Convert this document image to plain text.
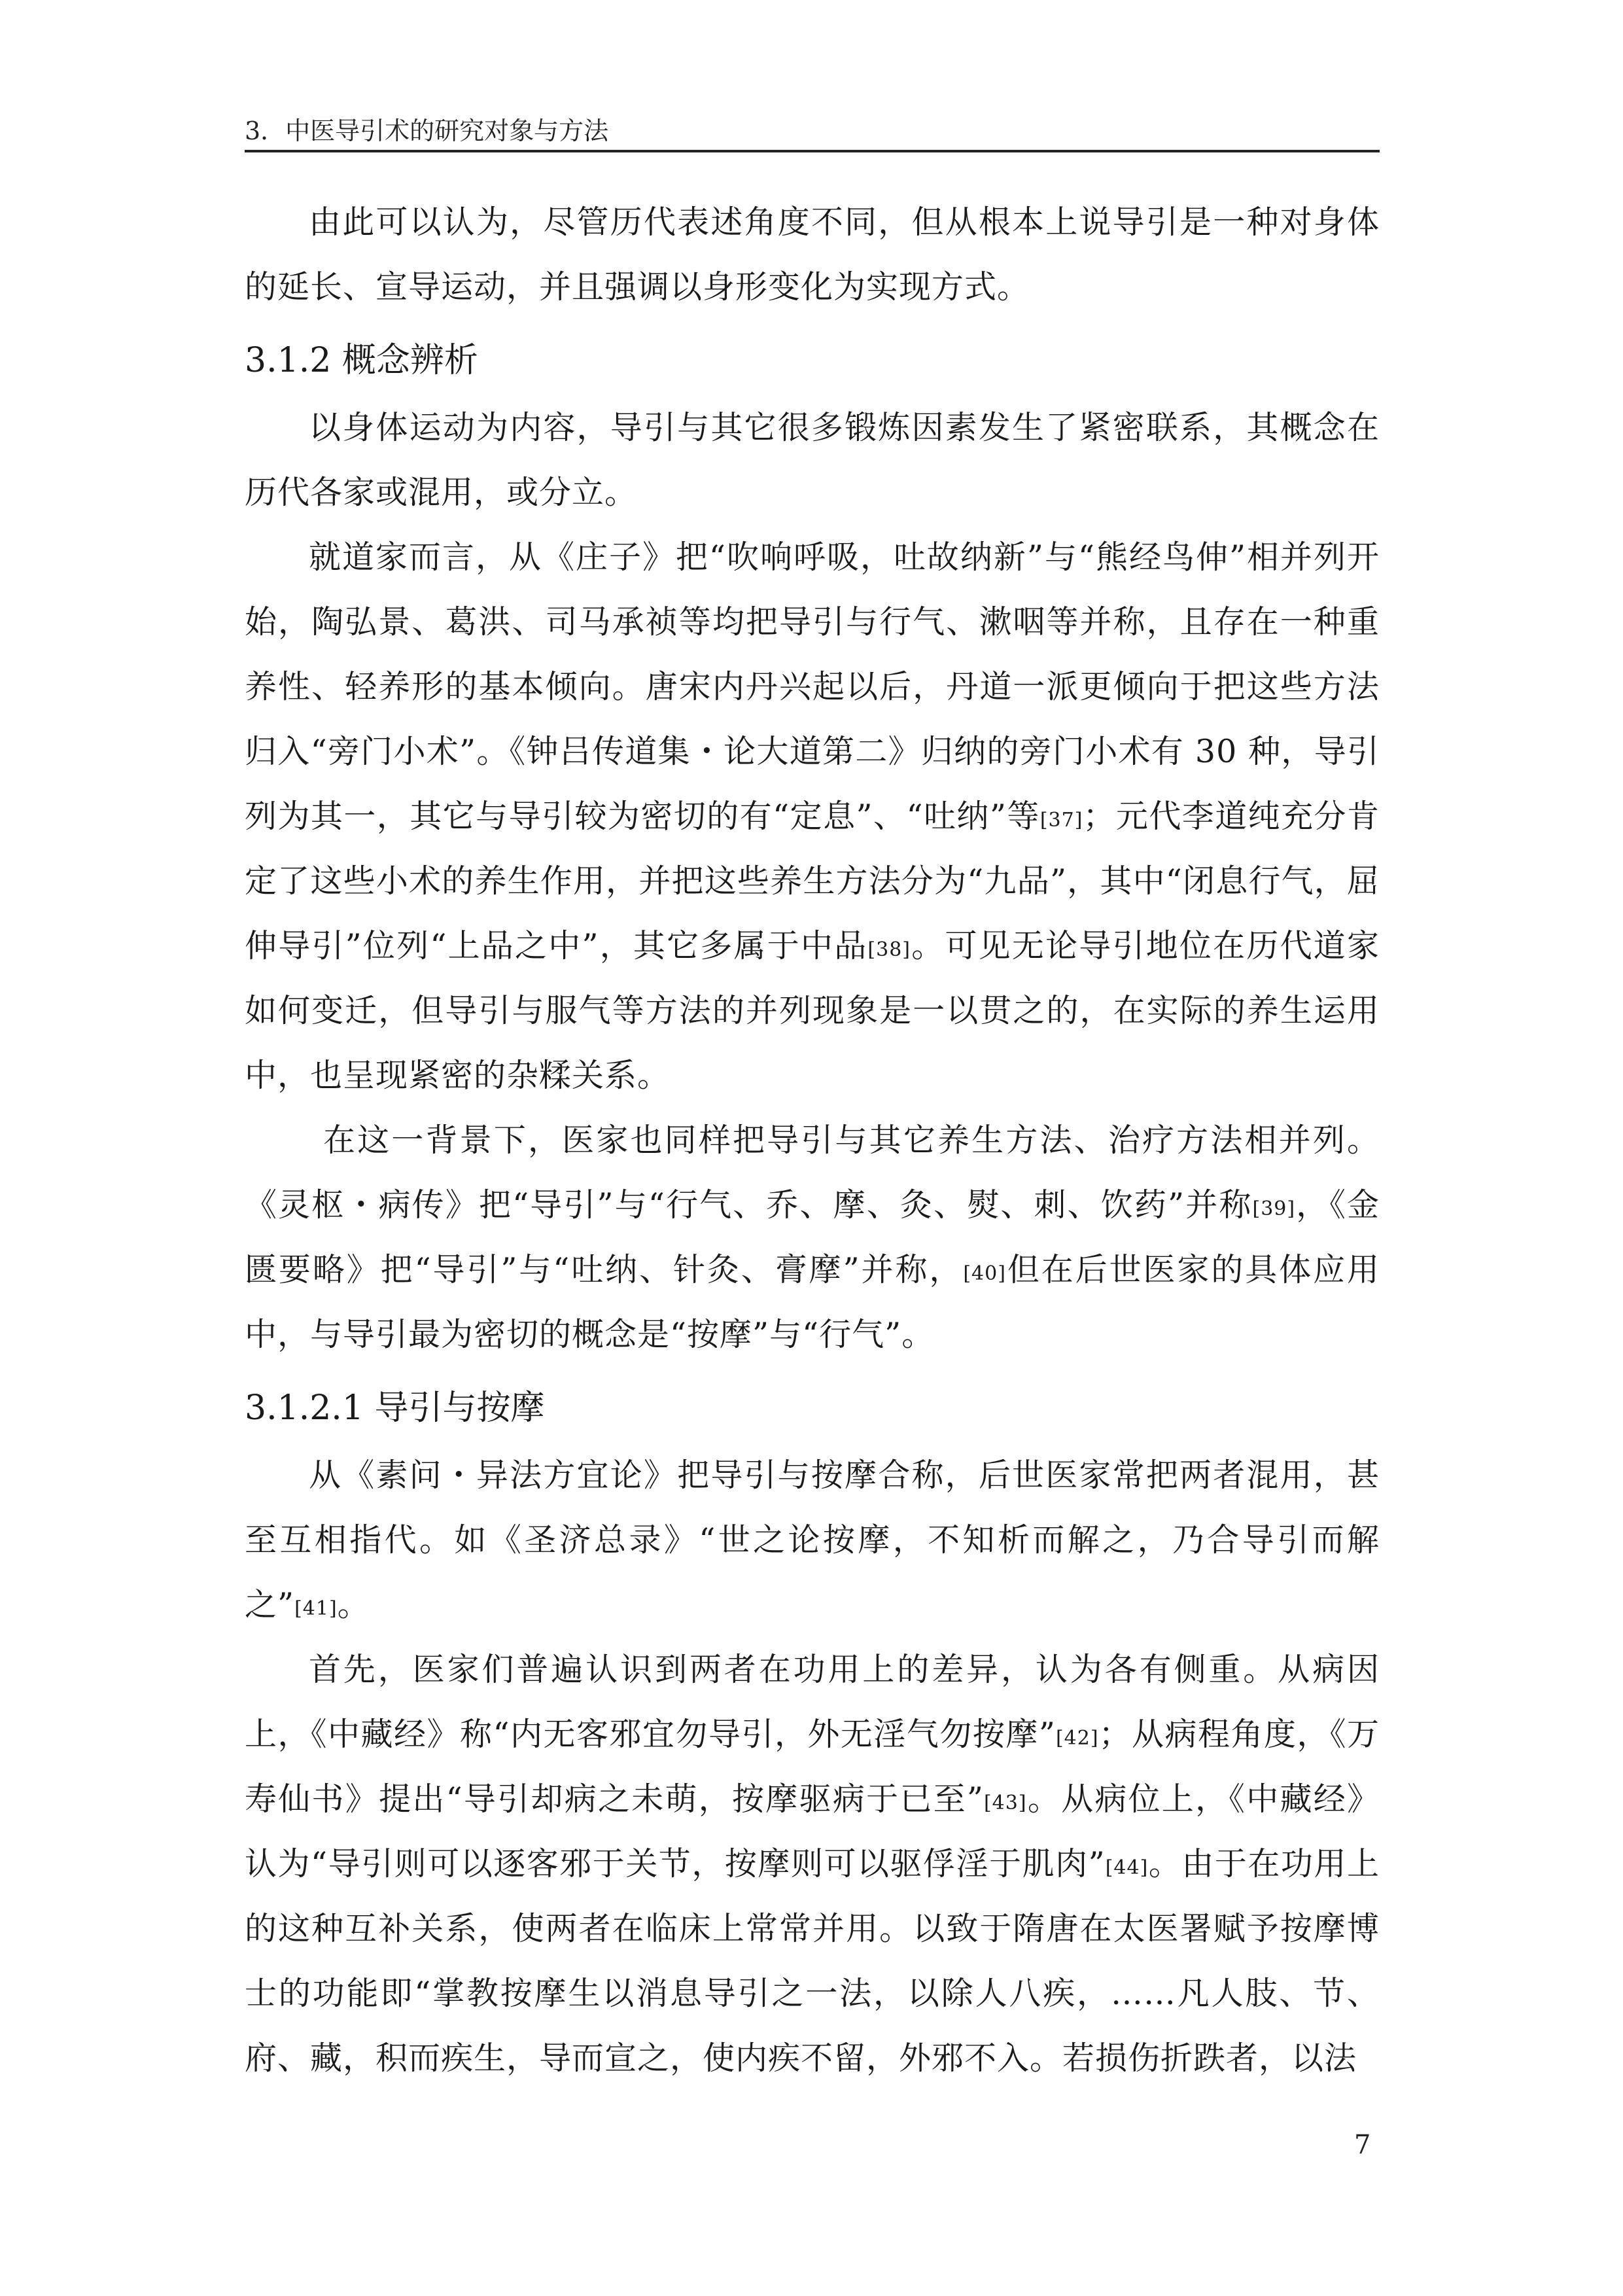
3．中医导引术的研究对象与方法

由此可以认为，尽管历代表述角度不同，但从根本上说导引是一种对身体的延长、宣导运动，并且强调以身形变化为实现方式。

3.1.2 概念辨析

以身体运动为内容，导引与其它很多锻炼因素发生了紧密联系，其概念在历代各家或混用，或分立。

就道家而言，从《庄子》把“吹响呼吸，吐故纳新”与“熊经鸟伸”相并列开始，陶弘景、葛洪、司马承祯等均把导引与行气、漱咽等并称，且存在一种重养性、轻养形的基本倾向。唐宋内丹兴起以后，丹道一派更倾向于把这些方法归入“旁门小术”。《钟吕传道集・论大道第二》归纳的旁门小术有 30 种，导引列为其一，其它与导引较为密切的有“定息”、“吐纳”等[37]；元代李道纯充分肯定了这些小术的养生作用，并把这些养生方法分为“九品”，其中“闭息行气，屈伸导引”位列“上品之中”，其它多属于中品[38]。可见无论导引地位在历代道家如何变迁，但导引与服气等方法的并列现象是一以贯之的，在实际的养生运用中，也呈现紧密的杂糅关系。

在这一背景下，医家也同样把导引与其它养生方法、治疗方法相并列。《灵枢・病传》把“导引”与“行气、乔、摩、灸、熨、刺、饮药”并称[39]，《金匮要略》把“导引”与“吐纳、针灸、膏摩”并称，[40]但在后世医家的具体应用中，与导引最为密切的概念是“按摩”与“行气”。

3.1.2.1 导引与按摩

从《素问・异法方宜论》把导引与按摩合称，后世医家常把两者混用，甚至互相指代。如《圣济总录》“世之论按摩，不知析而解之，乃合导引而解之”[41]。

首先，医家们普遍认识到两者在功用上的差异，认为各有侧重。从病因上，《中藏经》称“内无客邪宜勿导引，外无淫气勿按摩”[42]；从病程角度，《万寿仙书》提出“导引却病之未萌，按摩驱病于已至”[43]。从病位上，《中藏经》认为“导引则可以逐客邪于关节，按摩则可以驱俘淫于肌肉”[44]。由于在功用上的这种互补关系，使两者在临床上常常并用。以致于隋唐在太医署赋予按摩博士的功能即“掌教按摩生以消息导引之一法，以除人八疾，……凡人肢、节、府、藏，积而疾生，导而宣之，使内疾不留，外邪不入。若损伤折跌者，以法

7
